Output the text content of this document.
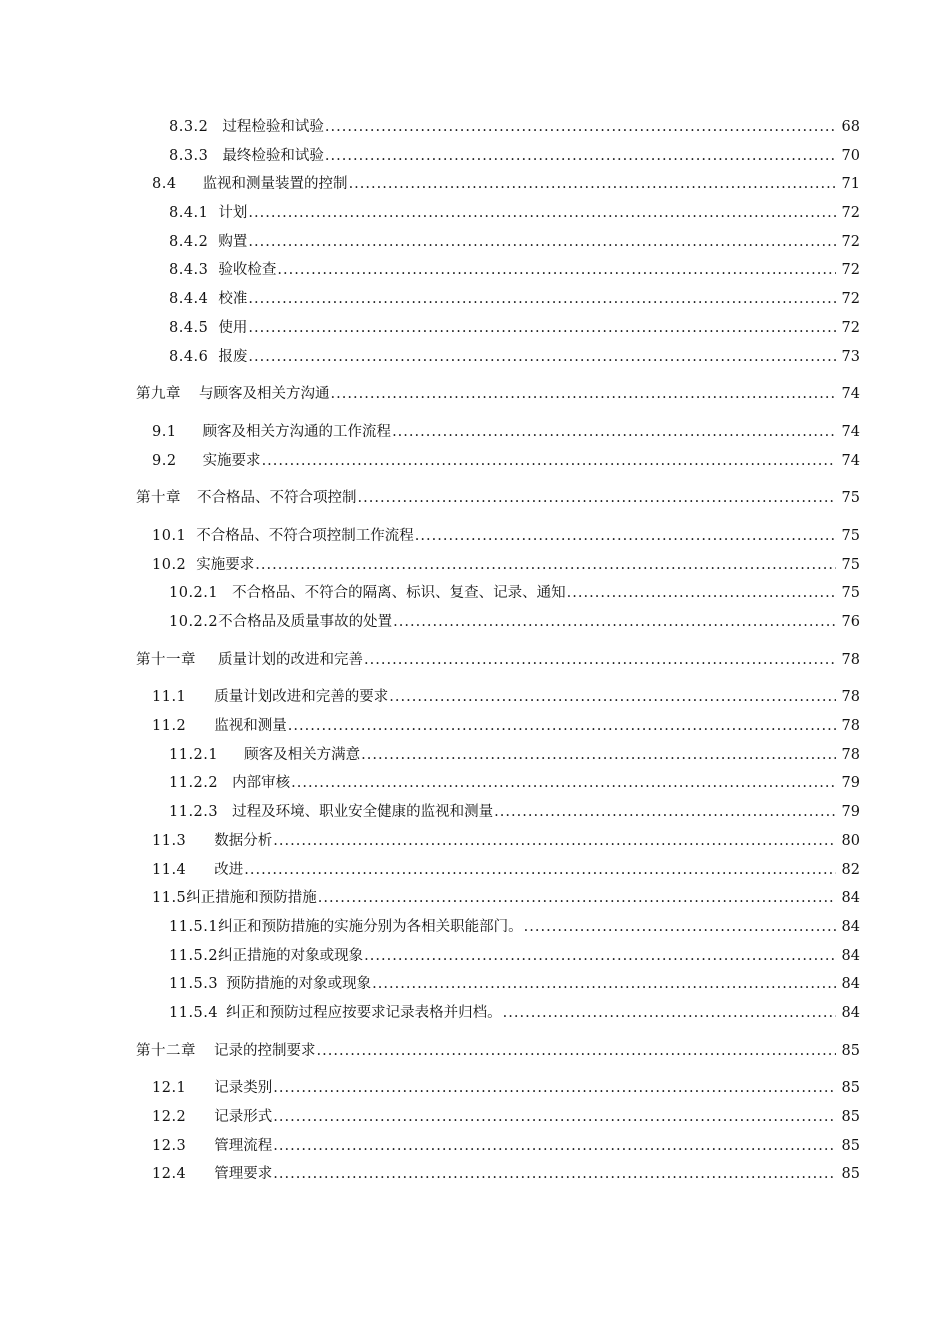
8.3.2 过程检验和试验 . . .	68
8.3.3 最终检验和试验 . . .	70
8.4 监视和测量装置的控制 . . .	71
8.4.1 计划 . . .	72
8.4.2 购置 . . .	72
8.4.3 验收检查 . . .	72
8.4.4 校准 . . .	72
8.4.5 使用 . . .	72
8.4.6 报废 . . .	73
第九章 与顾客及相关方沟通 . . .	74
9.1 顾客及相关方沟通的工作流程 . . .	74
9.2 实施要求 . . .	74
第十章 不合格品、不符合项控制 . . .	75
10.1 不合格品、不符合项控制工作流程 . . .	75
10.2 实施要求 . . .	75
10.2.1 不合格品、不符合的隔离、标识、复查、记录、通知 . . .	75
10.2.2 不合格品及质量事故的处置 . . .	76
第十一章 质量计划的改进和完善 . . .	78
11.1 质量计划改进和完善的要求 . . .	78
11.2 监视和测量 . . .	78
11.2.1 顾客及相关方满意 . . .	78
11.2.2 内部审核 . . .	79
11.2.3 过程及环境、职业安全健康的监视和测量 . . .	79
11.3 数据分析 . . .	80
11.4 改进 . . .	82
11.5 纠正措施和预防措施 . . .	84
11.5.1 纠正和预防措施的实施分别为各相关职能部门。 . . .	84
11.5.2 纠正措施的对象或现象 . . .	84
11.5.3 预防措施的对象或现象 . . .	84
11.5.4 纠正和预防过程应按要求记录表格并归档。 . . .	84
第十二章 记录的控制要求 . . .	85
12.1 记录类别 . . .	85
12.2 记录形式 . . .	85
12.3 管理流程 . . .	85
12.4 管理要求 . . .	85
